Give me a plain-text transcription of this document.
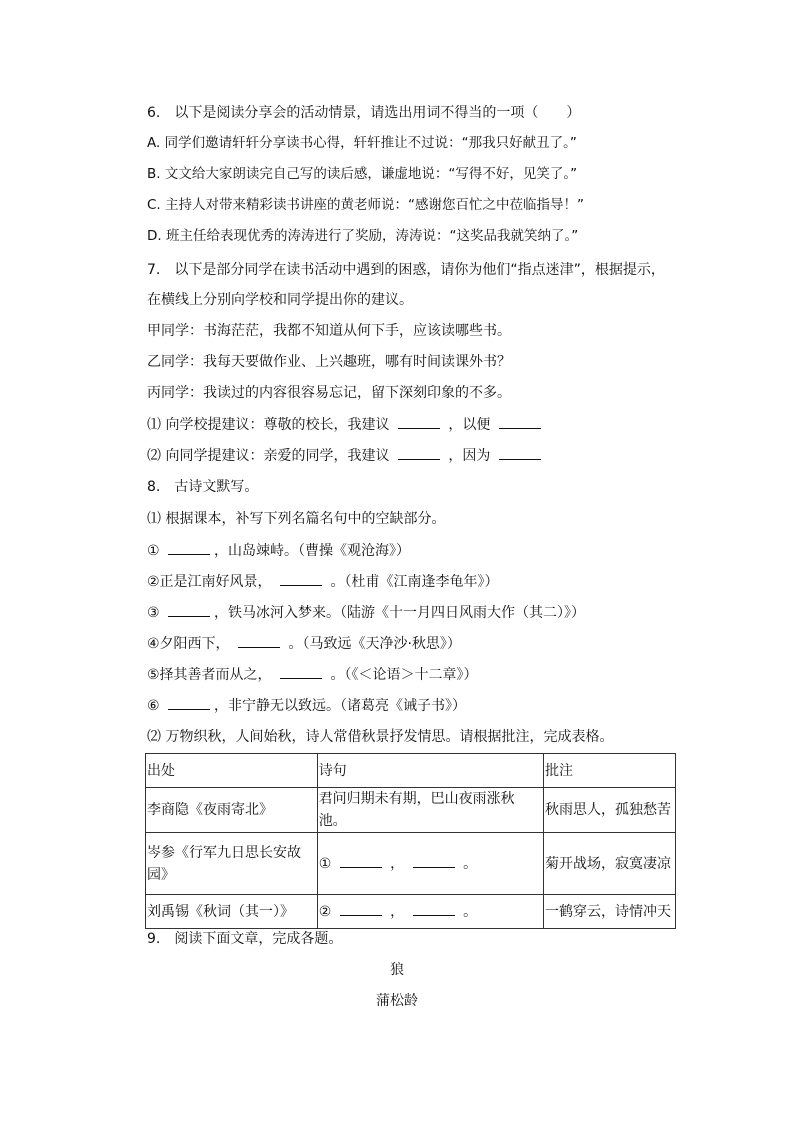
6.　以下是阅读分享会的活动情景，请选出用词不得当的一项（　　）
A. 同学们邀请轩轩分享读书心得，轩轩推让不过说：“那我只好献丑了。”
B. 文文给大家朗读完自己写的读后感，谦虚地说：“写得不好，见笑了。”
C. 主持人对带来精彩读书讲座的黄老师说：“感谢您百忙之中莅临指导！”
D. 班主任给表现优秀的涛涛进行了奖励，涛涛说：“这奖品我就笑纳了。”
7.　以下是部分同学在读书活动中遇到的困惑，请你为他们“指点迷津”，根据提示，
在横线上分别向学校和同学提出你的建议。
甲同学：书海茫茫，我都不知道从何下手，应该读哪些书。
乙同学：我每天要做作业、上兴趣班，哪有时间读课外书？
丙同学：我读过的内容很容易忘记，留下深刻印象的不多。
⑴ 向学校提建议：尊敬的校长，我建议	，以便
⑵ 向同学提建议：亲爱的同学，我建议	，因为
8.　古诗文默写。
⑴ 根据课本，补写下列名篇名句中的空缺部分。
①	，山岛竦峙。（曹操《观沧海》）
②正是江南好风景，	。（杜甫《江南逢李龟年》）
③	，铁马冰河入梦来。（陆游《十一月四日风雨大作（其二）》）
④夕阳西下，	。（马致远《天净沙·秋思》）
⑤择其善者而从之，	。（《＜论语＞十二章》）
⑥	，非宁静无以致远。（诸葛亮《诫子书》）
⑵ 万物织秋，人间始秋，诗人常借秋景抒发情思。请根据批注，完成表格。
出处	诗句	批注
李商隐《夜雨寄北》	君问归期未有期，巴山夜雨涨秋池。	秋雨思人，孤独愁苦
岑参《行军九日思长安故园》	① ， 。	菊开战场，寂寞凄凉
刘禹锡《秋词（其一）》	② ， 。	一鹤穿云，诗情冲天
9.　阅读下面文章，完成各题。
狼
蒲松龄
